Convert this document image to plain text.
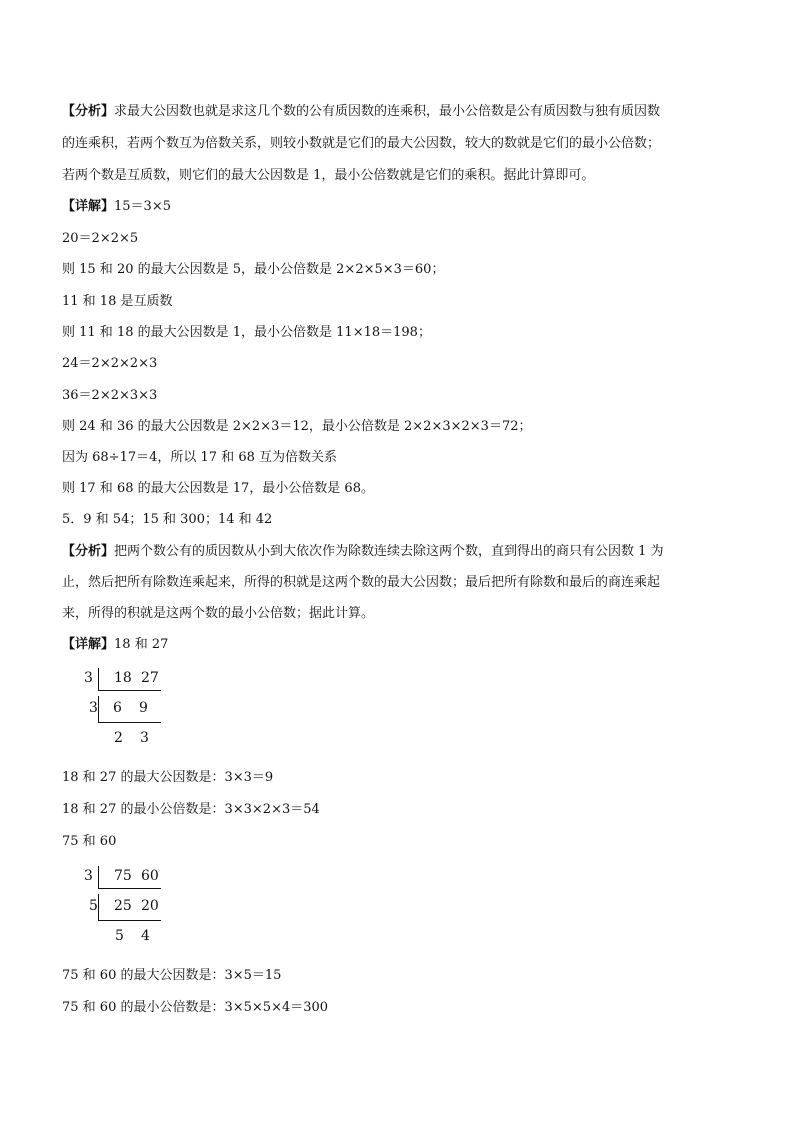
【分析】求最大公因数也就是求这几个数的公有质因数的连乘积，最小公倍数是公有质因数与独有质因数
的连乘积，若两个数互为倍数关系，则较小数就是它们的最大公因数，较大的数就是它们的最小公倍数；
若两个数是互质数，则它们的最大公因数是 1，最小公倍数就是它们的乘积。据此计算即可。
【详解】15＝3×5
20＝2×2×5
则 15 和 20 的最大公因数是 5，最小公倍数是 2×2×5×3＝60；
11 和 18 是互质数
则 11 和 18 的最大公因数是 1，最小公倍数是 11×18＝198；
24＝2×2×2×3
36＝2×2×3×3
则 24 和 36 的最大公因数是 2×2×3＝12，最小公倍数是 2×2×3×2×3＝72；
因为 68÷17＝4，所以 17 和 68 互为倍数关系
则 17 和 68 的最大公因数是 17，最小公倍数是 68。
5．9 和 54；15 和 300；14 和 42
【分析】把两个数公有的质因数从小到大依次作为除数连续去除这两个数，直到得出的商只有公因数 1 为
止，然后把所有除数连乘起来，所得的积就是这两个数的最大公因数；最后把所有除数和最后的商连乘起
来，所得的积就是这两个数的最小公倍数；据此计算。
【详解】18 和 27
3 18 27
3 6 9
2 3
18 和 27 的最大公因数是：3×3＝9
18 和 27 的最小公倍数是：3×3×2×3＝54
75 和 60
3 75 60
5 25 20
5 4
75 和 60 的最大公因数是：3×5＝15
75 和 60 的最小公倍数是：3×5×5×4＝300
